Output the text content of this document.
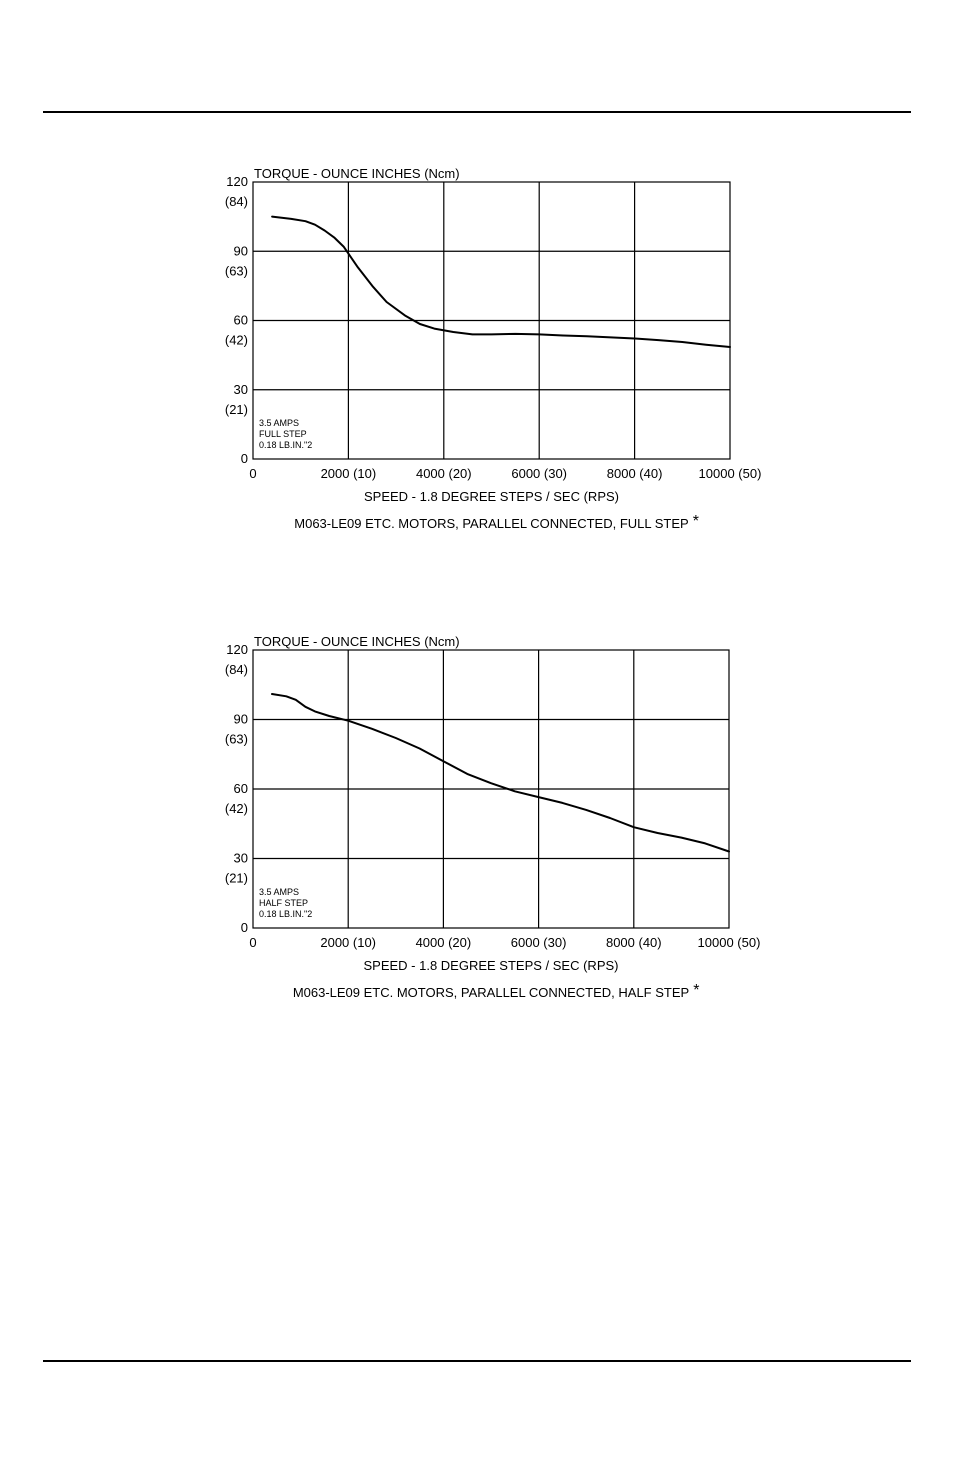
120
(84)
90
(63)
60
(42)
30
(21)
0
0	2000 (10)	4000 (20)	6000 (30)	8000 (40)	10000 (50)
TORQUE - OUNCE INCHES (Ncm)
SPEED - 1.8 DEGREE STEPS / SEC (RPS)
M063-LE09 ETC. MOTORS, PARALLEL CONNECTED, FULL STEP *
3.5 AMPS
FULL STEP
0.18 LB.IN."2
120
(84)
90
(63)
60
(42)
30
(21)
0
0	2000 (10)	4000 (20)	6000 (30)	8000 (40)	10000 (50)
TORQUE - OUNCE INCHES (Ncm)
SPEED - 1.8 DEGREE STEPS / SEC (RPS)
M063-LE09 ETC. MOTORS, PARALLEL CONNECTED, HALF STEP *
3.5 AMPS
HALF STEP
0.18 LB.IN."2
